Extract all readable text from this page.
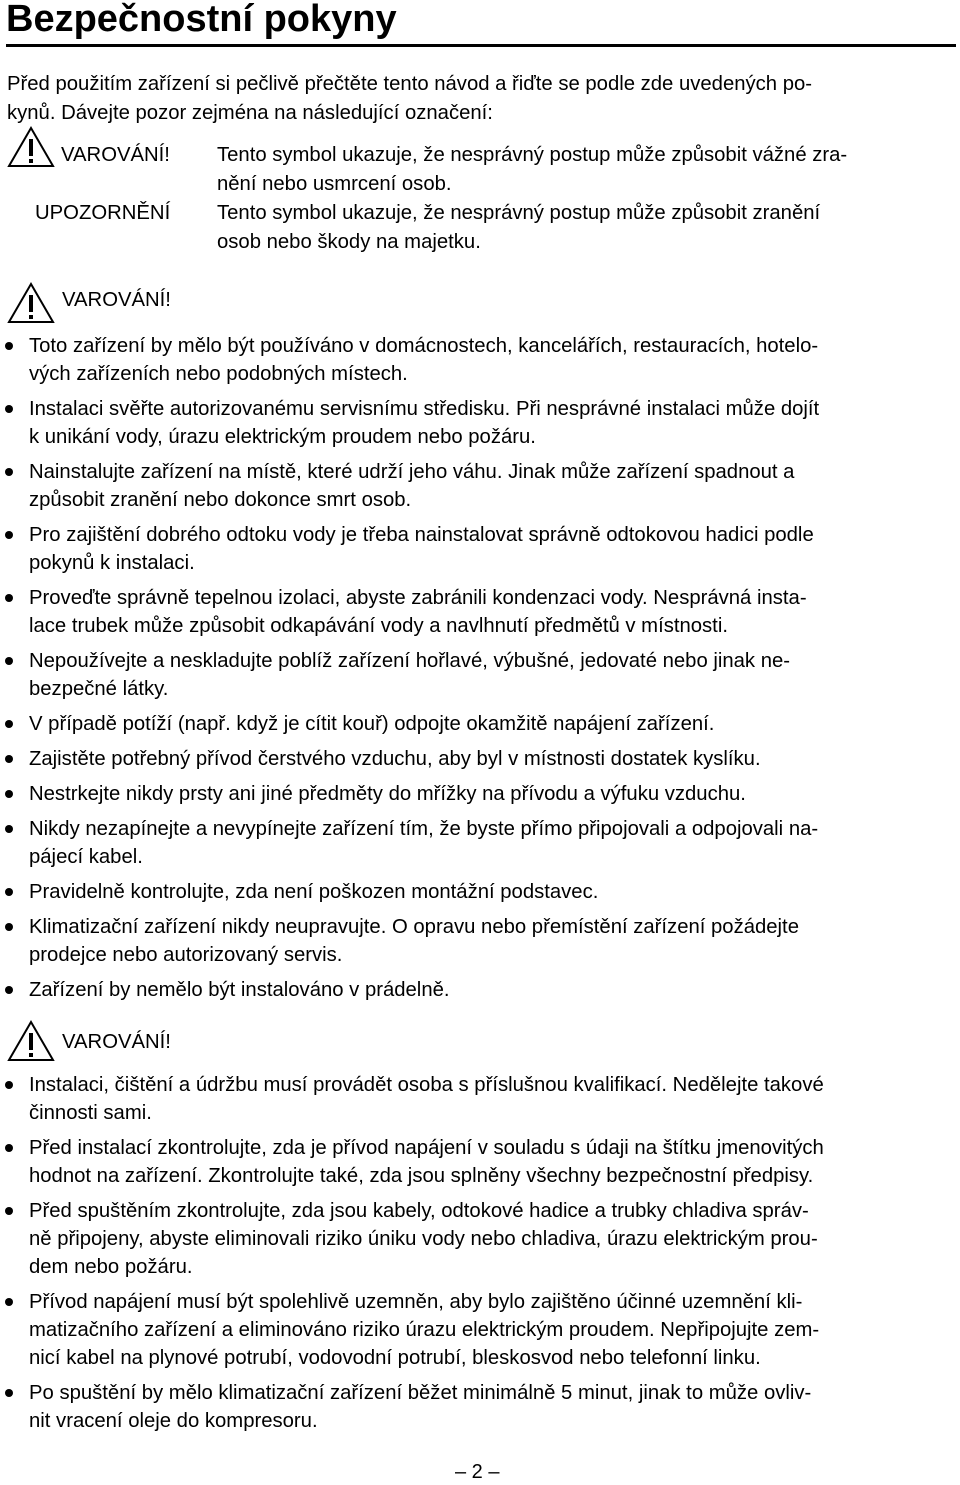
Bezpečnostní pokyny
Před použitím zařízení si pečlivě přečtěte tento návod a řiďte se podle zde uvedených po-
kynů. Dávejte pozor zejména na následující označení:
VAROVÁNÍ! Tento symbol ukazuje, že nesprávný postup může způsobit vážné zra-
nění nebo usmrcení osob.
UPOZORNĚNÍ Tento symbol ukazuje, že nesprávný postup může způsobit zranění
osob nebo škody na majetku.
VAROVÁNÍ!
Toto zařízení by mělo být používáno v domácnostech, kancelářích, restauracích, hotelo-
vých zařízeních nebo podobných místech.
Instalaci svěřte autorizovanému servisnímu středisku. Při nesprávné instalaci může dojít
k unikání vody, úrazu elektrickým proudem nebo požáru.
Nainstalujte zařízení na místě, které udrží jeho váhu. Jinak může zařízení spadnout a
způsobit zranění nebo dokonce smrt osob.
Pro zajištění dobrého odtoku vody je třeba nainstalovat správně odtokovou hadici podle
pokynů k instalaci.
Proveďte správně tepelnou izolaci, abyste zabránili kondenzaci vody. Nesprávná insta-
lace trubek může způsobit odkapávání vody a navlhnutí předmětů v místnosti.
Nepoužívejte a neskladujte poblíž zařízení hořlavé, výbušné, jedovaté nebo jinak ne-
bezpečné látky.
V případě potíží (např. když je cítit kouř) odpojte okamžitě napájení zařízení.
Zajistěte potřebný přívod čerstvého vzduchu, aby byl v místnosti dostatek kyslíku.
Nestrkejte nikdy prsty ani jiné předměty do mřížky na přívodu a výfuku vzduchu.
Nikdy nezapínejte a nevypínejte zařízení tím, že byste přímo připojovali a odpojovali na-
pájecí kabel.
Pravidelně kontrolujte, zda není poškozen montážní podstavec.
Klimatizační zařízení nikdy neupravujte. O opravu nebo přemístění zařízení požádejte
prodejce nebo autorizovaný servis.
Zařízení by nemělo být instalováno v prádelně.
VAROVÁNÍ!
Instalaci, čištění a údržbu musí provádět osoba s příslušnou kvalifikací. Nedělejte takové
činnosti sami.
Před instalací zkontrolujte, zda je přívod napájení v souladu s údaji na štítku jmenovitých
hodnot na zařízení. Zkontrolujte také, zda jsou splněny všechny bezpečnostní předpisy.
Před spuštěním zkontrolujte, zda jsou kabely, odtokové hadice a trubky chladiva správ-
ně připojeny, abyste eliminovali riziko úniku vody nebo chladiva, úrazu elektrickým prou-
dem nebo požáru.
Přívod napájení musí být spolehlivě uzemněn, aby bylo zajištěno účinné uzemnění kli-
matizačního zařízení a eliminováno riziko úrazu elektrickým proudem. Nepřipojujte zem-
nicí kabel na plynové potrubí, vodovodní potrubí, bleskosvod nebo telefonní linku.
Po spuštění by mělo klimatizační zařízení běžet minimálně 5 minut, jinak to může ovliv-
nit vracení oleje do kompresoru.
– 2 –
